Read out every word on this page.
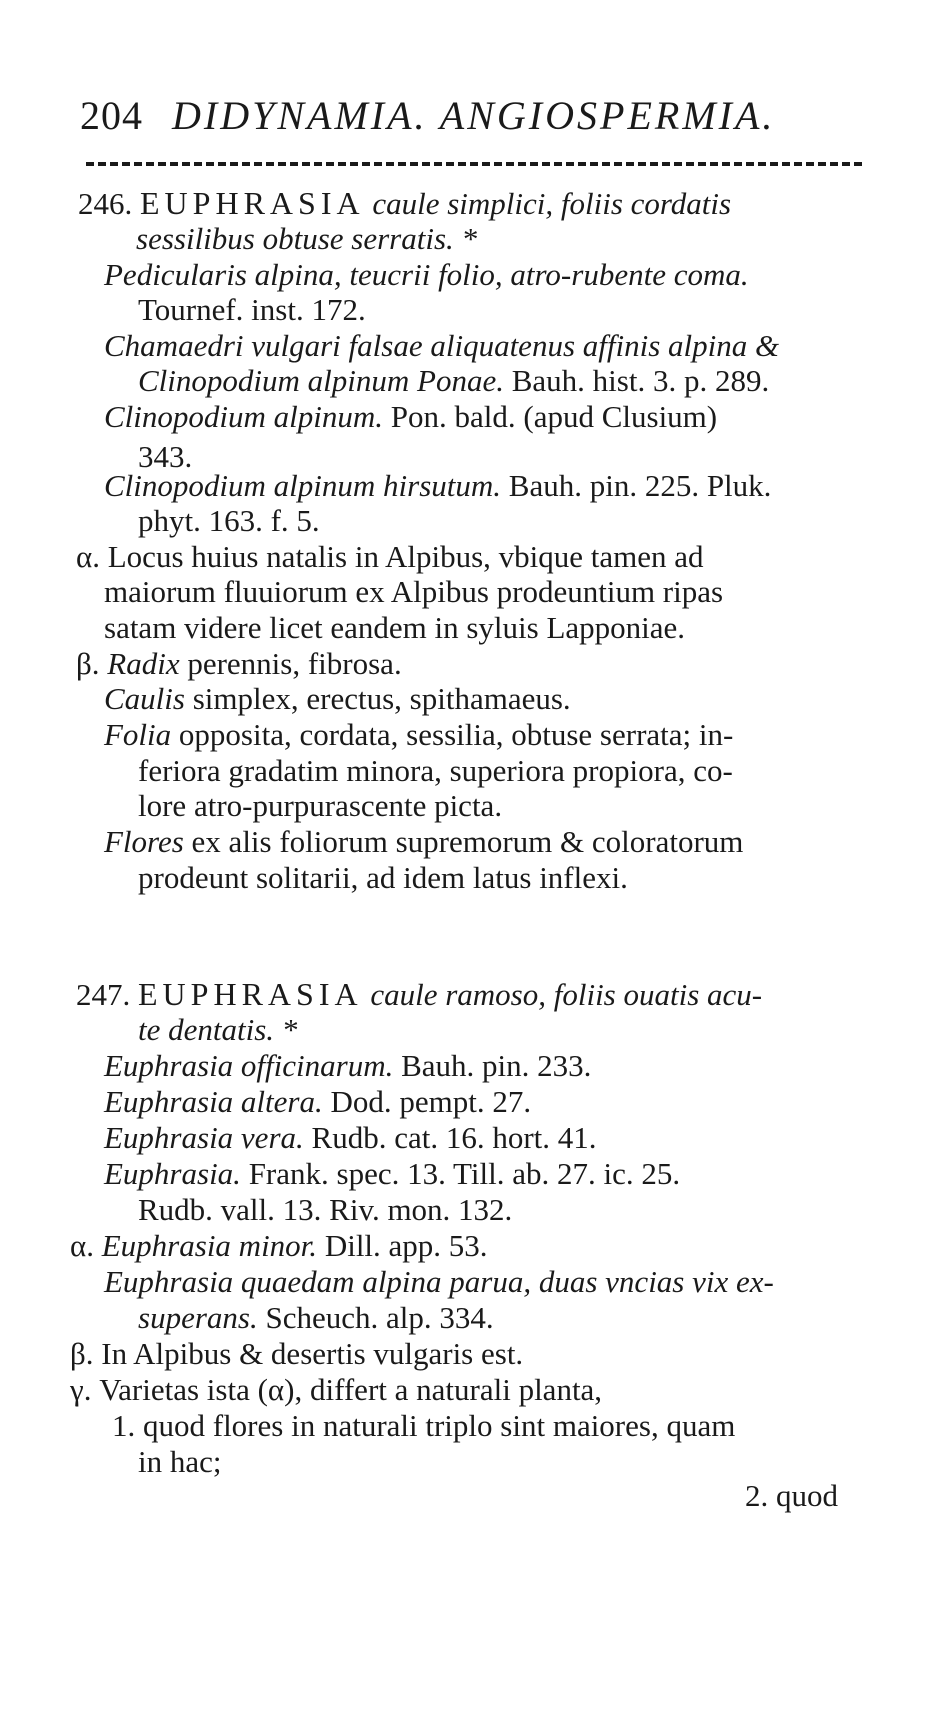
204 DIDYNAMIA. ANGIOSPERMIA.
246. EUPHRASIA caule simplici, foliis cordatis
sessilibus obtuse serratis. *
Pedicularis alpina, teucrii folio, atro-rubente coma.
Tournef. inst. 172.
Chamaedri vulgari falsae aliquatenus affinis alpina &
Clinopodium alpinum Ponae. Bauh. hist. 3. p. 289.
Clinopodium alpinum. Pon. bald. (apud Clusium)
343.
Clinopodium alpinum hirsutum. Bauh. pin. 225. Pluk.
phyt. 163. f. 5.
α. Locus huius natalis in Alpibus, vbique tamen ad
maiorum fluuiorum ex Alpibus prodeuntium ripas
satam videre licet eandem in syluis Lapponiae.
β. Radix perennis, fibrosa.
Caulis simplex, erectus, spithamaeus.
Folia opposita, cordata, sessilia, obtuse serrata; in-
feriora gradatim minora, superiora propiora, co-
lore atro-purpurascente picta.
Flores ex alis foliorum supremorum & coloratorum
prodeunt solitarii, ad idem latus inflexi.
247. EUPHRASIA caule ramoso, foliis ouatis acu-
te dentatis. *
Euphrasia officinarum. Bauh. pin. 233.
Euphrasia altera. Dod. pempt. 27.
Euphrasia vera. Rudb. cat. 16. hort. 41.
Euphrasia. Frank. spec. 13. Till. ab. 27. ic. 25.
Rudb. vall. 13. Riv. mon. 132.
α. Euphrasia minor. Dill. app. 53.
Euphrasia quaedam alpina parua, duas vncias vix ex-
superans. Scheuch. alp. 334.
β. In Alpibus & desertis vulgaris est.
γ. Varietas ista (α), differt a naturali planta,
1. quod flores in naturali triplo sint maiores, quam
in hac;
2. quod
